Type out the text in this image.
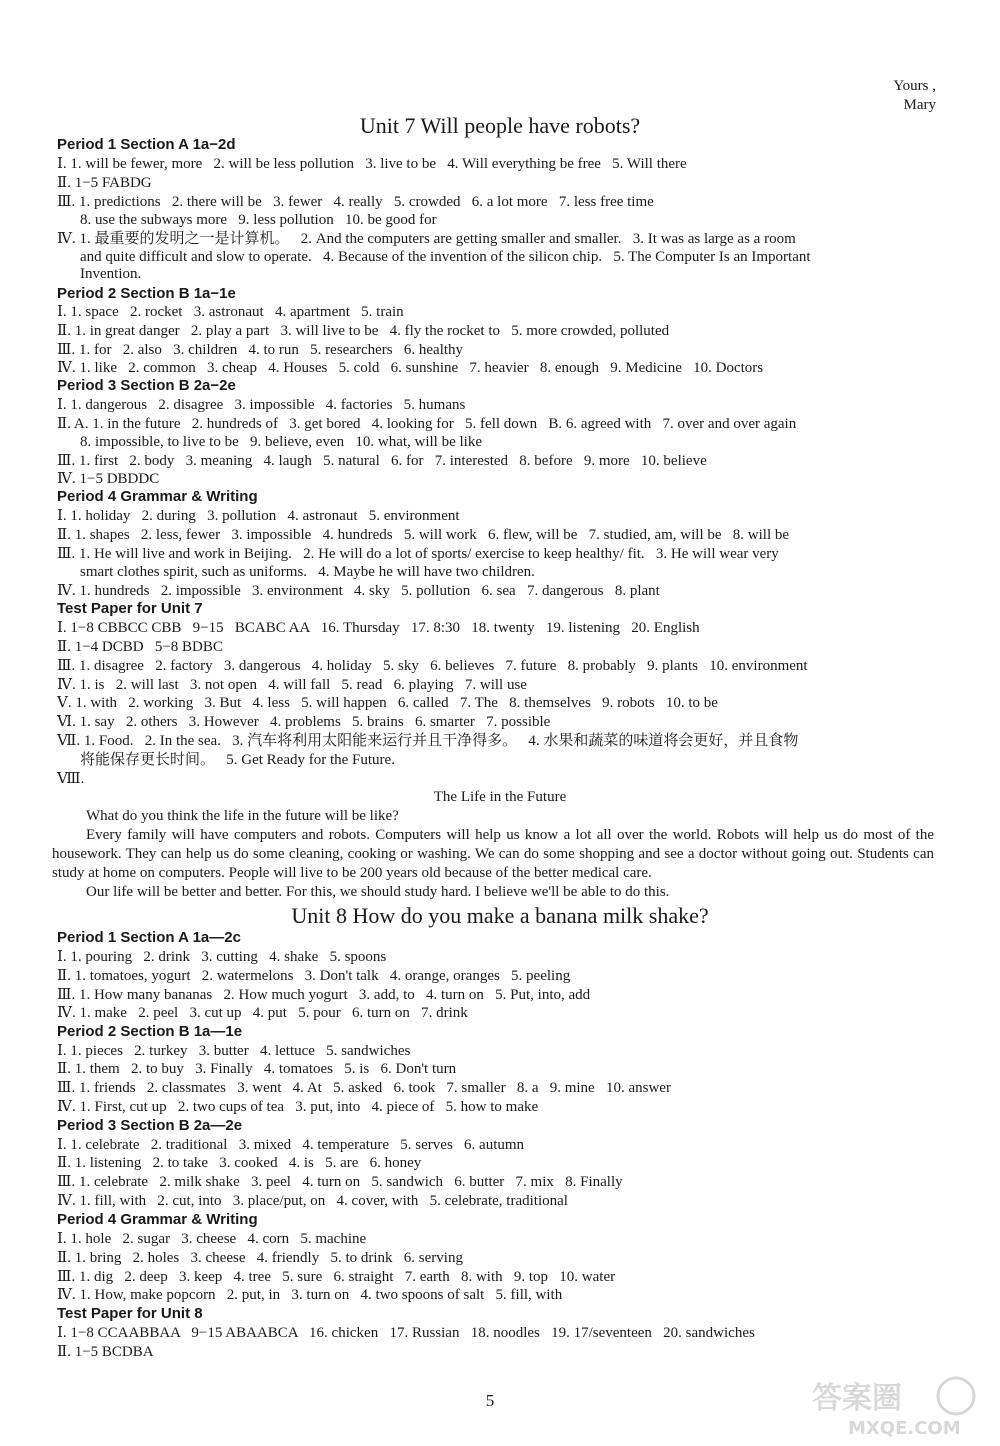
Yours ,
Mary
Unit 7 Will people have robots?
Period 1 Section A 1a−2d
Ⅰ. 1. will be fewer, more   2. will be less pollution   3. live to be   4. Will everything be free   5. Will there
Ⅱ. 1−5 FABDG
Ⅲ. 1. predictions   2. there will be   3. fewer   4. really   5. crowded   6. a lot more   7. less free time
8. use the subways more   9. less pollution   10. be good for
Ⅳ. 1. 最重要的发明之一是计算机。   2. And the computers are getting smaller and smaller.   3. It was as large as a room
and quite difficult and slow to operate.   4. Because of the invention of the silicon chip.   5. The Computer Is an Important
Invention.
Period 2 Section B 1a−1e
Ⅰ. 1. space   2. rocket   3. astronaut   4. apartment   5. train
Ⅱ. 1. in great danger   2. play a part   3. will live to be   4. fly the rocket to   5. more crowded, polluted
Ⅲ. 1. for   2. also   3. children   4. to run   5. researchers   6. healthy
Ⅳ. 1. like   2. common   3. cheap   4. Houses   5. cold   6. sunshine   7. heavier   8. enough   9. Medicine   10. Doctors
Period 3 Section B 2a−2e
Ⅰ. 1. dangerous   2. disagree   3. impossible   4. factories   5. humans
Ⅱ. A. 1. in the future   2. hundreds of   3. get bored   4. looking for   5. fell down   B. 6. agreed with   7. over and over again
8. impossible, to live to be   9. believe, even   10. what, will be like
Ⅲ. 1. first   2. body   3. meaning   4. laugh   5. natural   6. for   7. interested   8. before   9. more   10. believe
Ⅳ. 1−5 DBDDC
Period 4 Grammar & Writing
Ⅰ. 1. holiday   2. during   3. pollution   4. astronaut   5. environment
Ⅱ. 1. shapes   2. less, fewer   3. impossible   4. hundreds   5. will work   6. flew, will be   7. studied, am, will be   8. will be
Ⅲ. 1. He will live and work in Beijing.   2. He will do a lot of sports/ exercise to keep healthy/ fit.   3. He will wear very
smart clothes spirit, such as uniforms.   4. Maybe he will have two children.
Ⅳ. 1. hundreds   2. impossible   3. environment   4. sky   5. pollution   6. sea   7. dangerous   8. plant
Test Paper for Unit 7
Ⅰ. 1−8 CBBCC CBB   9−15   BCABC AA   16. Thursday   17. 8:30   18. twenty   19. listening   20. English
Ⅱ. 1−4 DCBD   5−8 BDBC
Ⅲ. 1. disagree   2. factory   3. dangerous   4. holiday   5. sky   6. believes   7. future   8. probably   9. plants   10. environment
Ⅳ. 1. is   2. will last   3. not open   4. will fall   5. read   6. playing   7. will use
Ⅴ. 1. with   2. working   3. But   4. less   5. will happen   6. called   7. The   8. themselves   9. robots   10. to be
Ⅵ. 1. say   2. others   3. However   4. problems   5. brains   6. smarter   7. possible
Ⅶ. 1. Food.   2. In the sea.   3. 汽车将利用太阳能来运行并且干净得多。   4. 水果和蔬菜的味道将会更好，并且食物
将能保存更长时间。   5. Get Ready for the Future.
Ⅷ.
The Life in the Future
What do you think the life in the future will be like?
Every family will have computers and robots. Computers will help us know a lot all over the world. Robots will help us do most of the housework. They can help us do some cleaning, cooking or washing. We can do some shopping and see a doctor without going out. Students can study at home on computers. People will live to be 200 years old because of the better medical care.
Our life will be better and better. For this, we should study hard. I believe we'll be able to do this.
Unit 8 How do you make a banana milk shake?
Period 1 Section A 1a—2c
Ⅰ. 1. pouring   2. drink   3. cutting   4. shake   5. spoons
Ⅱ. 1. tomatoes, yogurt   2. watermelons   3. Don't talk   4. orange, oranges   5. peeling
Ⅲ. 1. How many bananas   2. How much yogurt   3. add, to   4. turn on   5. Put, into, add
Ⅳ. 1. make   2. peel   3. cut up   4. put   5. pour   6. turn on   7. drink
Period 2 Section B 1a—1e
Ⅰ. 1. pieces   2. turkey   3. butter   4. lettuce   5. sandwiches
Ⅱ. 1. them   2. to buy   3. Finally   4. tomatoes   5. is   6. Don't turn
Ⅲ. 1. friends   2. classmates   3. went   4. At   5. asked   6. took   7. smaller   8. a   9. mine   10. answer
Ⅳ. 1. First, cut up   2. two cups of tea   3. put, into   4. piece of   5. how to make
Period 3 Section B 2a—2e
Ⅰ. 1. celebrate   2. traditional   3. mixed   4. temperature   5. serves   6. autumn
Ⅱ. 1. listening   2. to take   3. cooked   4. is   5. are   6. honey
Ⅲ. 1. celebrate   2. milk shake   3. peel   4. turn on   5. sandwich   6. butter   7. mix   8. Finally
Ⅳ. 1. fill, with   2. cut, into   3. place/put, on   4. cover, with   5. celebrate, traditional
Period 4 Grammar & Writing
Ⅰ. 1. hole   2. sugar   3. cheese   4. corn   5. machine
Ⅱ. 1. bring   2. holes   3. cheese   4. friendly   5. to drink   6. serving
Ⅲ. 1. dig   2. deep   3. keep   4. tree   5. sure   6. straight   7. earth   8. with   9. top   10. water
Ⅳ. 1. How, make popcorn   2. put, in   3. turn on   4. two spoons of salt   5. fill, with
Test Paper for Unit 8
Ⅰ. 1−8 CCAABBAA   9−15 ABAABCA   16. chicken   17. Russian   18. noodles   19. 17/seventeen   20. sandwiches
Ⅱ. 1−5 BCDBA
5	答案圈
MXQE.COM
